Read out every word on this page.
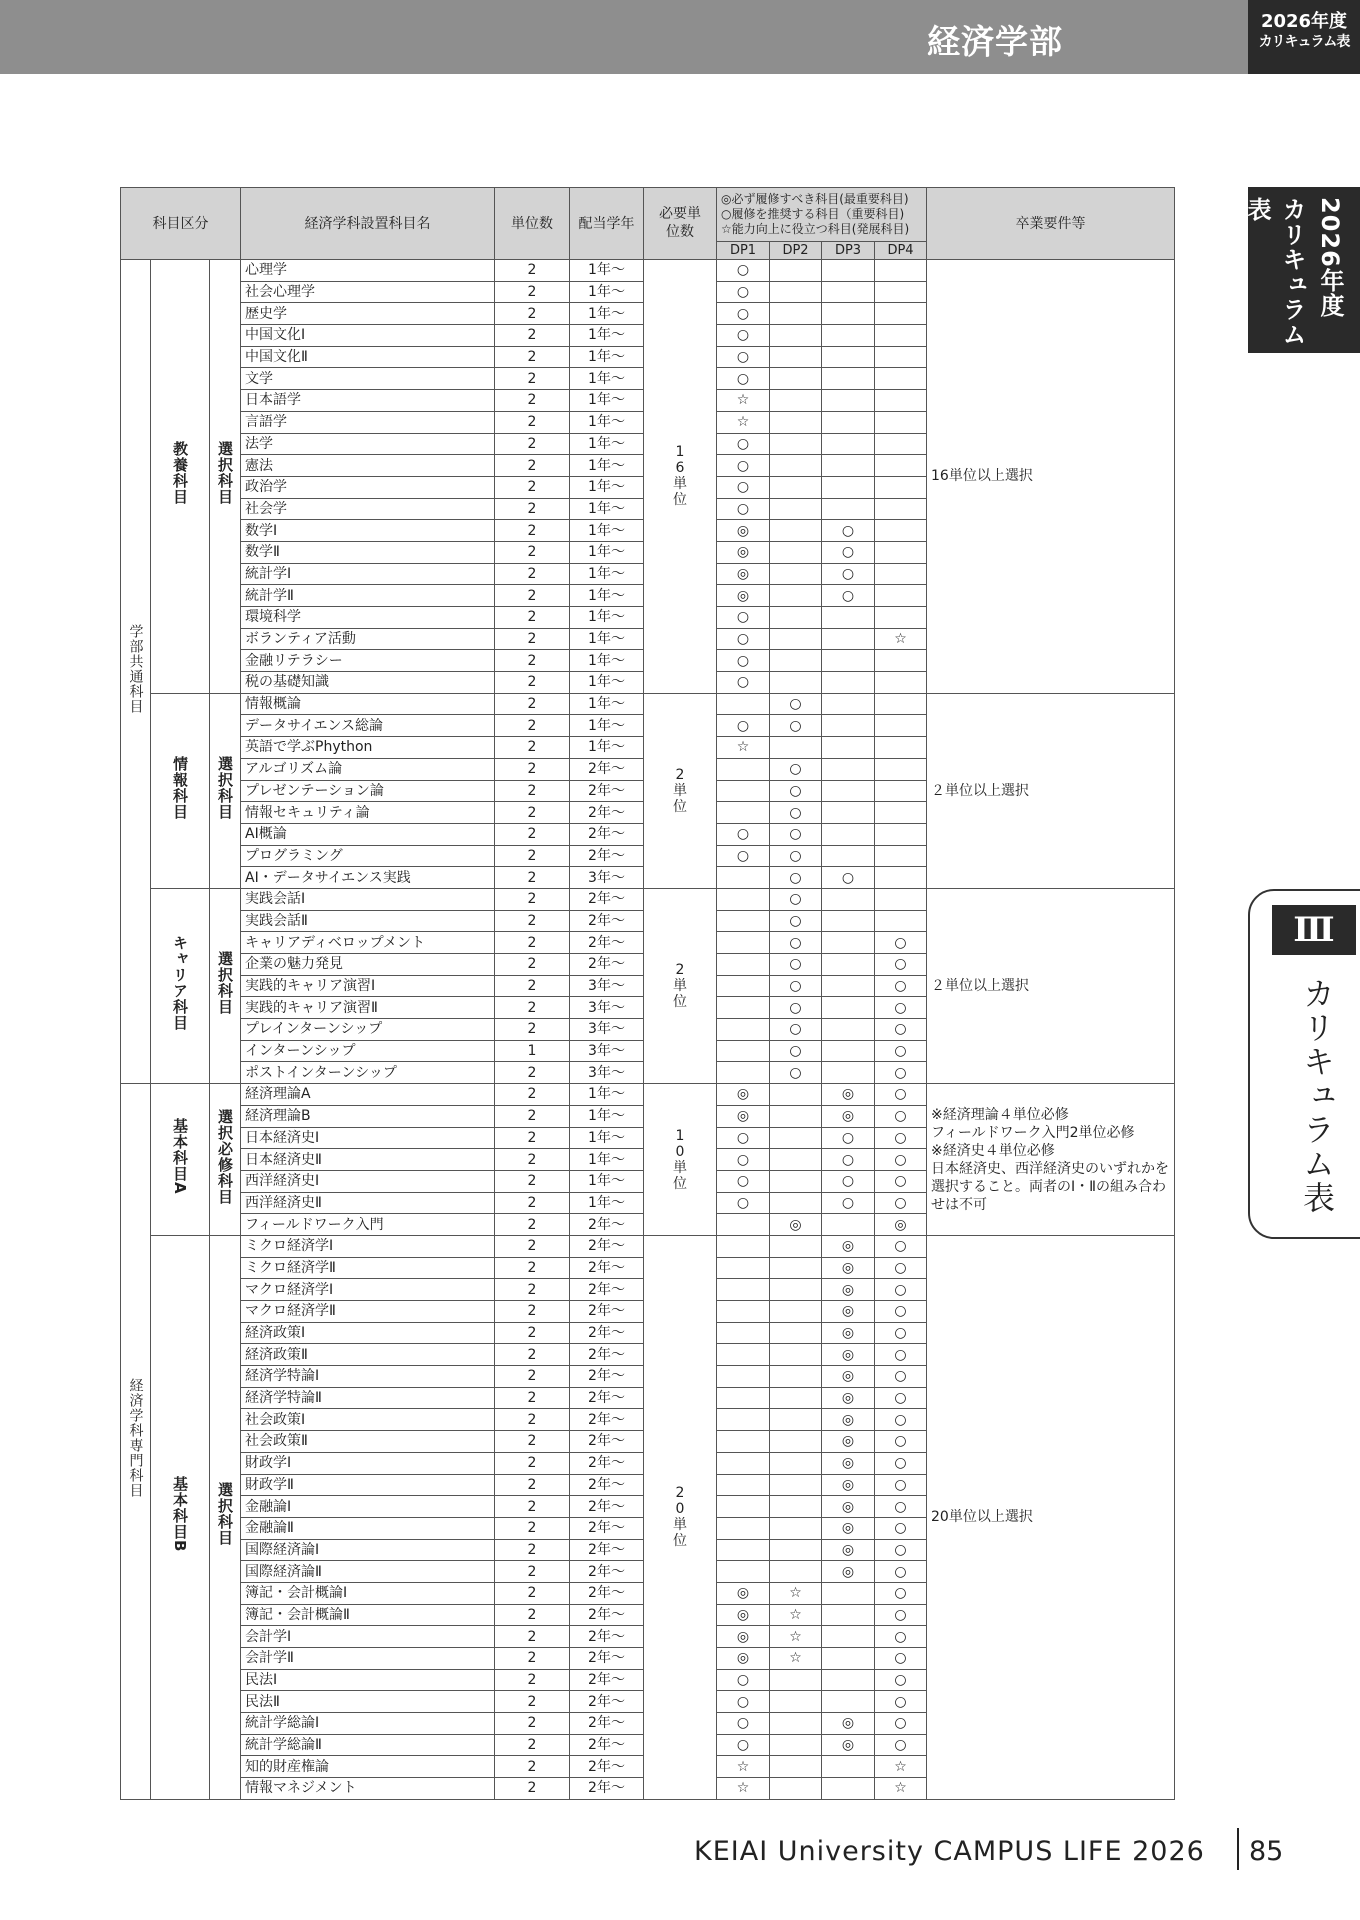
経済学部
2026年度
カリキュラム表
2026年度
カリキュラム表
Ⅲ
カリキュラム表
科目区分			経済学科設置科目名	単位数	配当学年	必要単位数	◎必ず履修すべき科目(最重要科目)
○履修を推奨する科目（重要科目)
☆能力向上に役立つ科目(発展科目)				卒業要件等
							DP1	DP2	DP3	DP4	
学部共通科目	教養科目	選択科目	心理学	2	1年〜	16単位	○				16単位以上選択
			社会心理学	2	1年〜		○				
			歴史学	2	1年〜		○				
			中国文化Ⅰ	2	1年〜		○				
			中国文化Ⅱ	2	1年〜		○				
			文学	2	1年〜		○				
			日本語学	2	1年〜		☆				
			言語学	2	1年〜		☆				
			法学	2	1年〜		○				
			憲法	2	1年〜		○				
			政治学	2	1年〜		○				
			社会学	2	1年〜		○				
			数学Ⅰ	2	1年〜		◎		○		
			数学Ⅱ	2	1年〜		◎		○		
			統計学Ⅰ	2	1年〜		◎		○		
			統計学Ⅱ	2	1年〜		◎		○		
			環境科学	2	1年〜		○				
			ボランティア活動	2	1年〜		○			☆	
			金融リテラシー	2	1年〜		○				
			税の基礎知識	2	1年〜		○				
	情報科目	選択科目	情報概論	2	1年〜	2単位		○			２単位以上選択
			データサイエンス総論	2	1年〜		○	○			
			英語で学ぶPhython	2	1年〜		☆				
			アルゴリズム論	2	2年〜			○			
			プレゼンテーション論	2	2年〜			○			
			情報セキュリティ論	2	2年〜			○			
			AI概論	2	2年〜		○	○			
			プログラミング	2	2年〜		○	○			
			AI・データサイエンス実践	2	3年〜			○	○		
	キャリア科目	選択科目	実践会話Ⅰ	2	2年〜	2単位		○			２単位以上選択
			実践会話Ⅱ	2	2年〜			○			
			キャリアディベロップメント	2	2年〜			○		○	
			企業の魅力発見	2	2年〜			○		○	
			実践的キャリア演習Ⅰ	2	3年〜			○		○	
			実践的キャリア演習Ⅱ	2	3年〜			○		○	
			プレインターンシップ	2	3年〜			○		○	
			インターンシップ	1	3年〜			○		○	
			ポストインターンシップ	2	3年〜			○		○	
経済学科専門科目	基本科目A	選択必修科目	経済理論A	2	1年〜	10単位	◎		◎	○	※経済理論４単位必修
フィールドワーク入門2単位必修
※経済史４単位必修
日本経済史、西洋経済史のいずれかを選択すること。両者のⅠ・Ⅱの組み合わせは不可
			経済理論B	2	1年〜		◎		◎	○	
			日本経済史Ⅰ	2	1年〜		○		○	○	
			日本経済史Ⅱ	2	1年〜		○		○	○	
			西洋経済史Ⅰ	2	1年〜		○		○	○	
			西洋経済史Ⅱ	2	1年〜		○		○	○	
			フィールドワーク入門	2	2年〜			◎		◎	
	基本科目B	選択科目	ミクロ経済学Ⅰ	2	2年〜	20単位			◎	○	20単位以上選択
			ミクロ経済学Ⅱ	2	2年〜				◎	○	
			マクロ経済学Ⅰ	2	2年〜				◎	○	
			マクロ経済学Ⅱ	2	2年〜				◎	○	
			経済政策Ⅰ	2	2年〜				◎	○	
			経済政策Ⅱ	2	2年〜				◎	○	
			経済学特論Ⅰ	2	2年〜				◎	○	
			経済学特論Ⅱ	2	2年〜				◎	○	
			社会政策Ⅰ	2	2年〜				◎	○	
			社会政策Ⅱ	2	2年〜				◎	○	
			財政学Ⅰ	2	2年〜				◎	○	
			財政学Ⅱ	2	2年〜				◎	○	
			金融論Ⅰ	2	2年〜				◎	○	
			金融論Ⅱ	2	2年〜				◎	○	
			国際経済論Ⅰ	2	2年〜				◎	○	
			国際経済論Ⅱ	2	2年〜				◎	○	
			簿記・会計概論Ⅰ	2	2年〜		◎	☆		○	
			簿記・会計概論Ⅱ	2	2年〜		◎	☆		○	
			会計学Ⅰ	2	2年〜		◎	☆		○	
			会計学Ⅱ	2	2年〜		◎	☆		○	
			民法Ⅰ	2	2年〜		○			○	
			民法Ⅱ	2	2年〜		○			○	
			統計学総論Ⅰ	2	2年〜		○		◎	○	
			統計学総論Ⅱ	2	2年〜		○		◎	○	
			知的財産権論	2	2年〜		☆			☆	
			情報マネジメント	2	2年〜		☆			☆	
KEIAI University CAMPUS LIFE 2026 85
